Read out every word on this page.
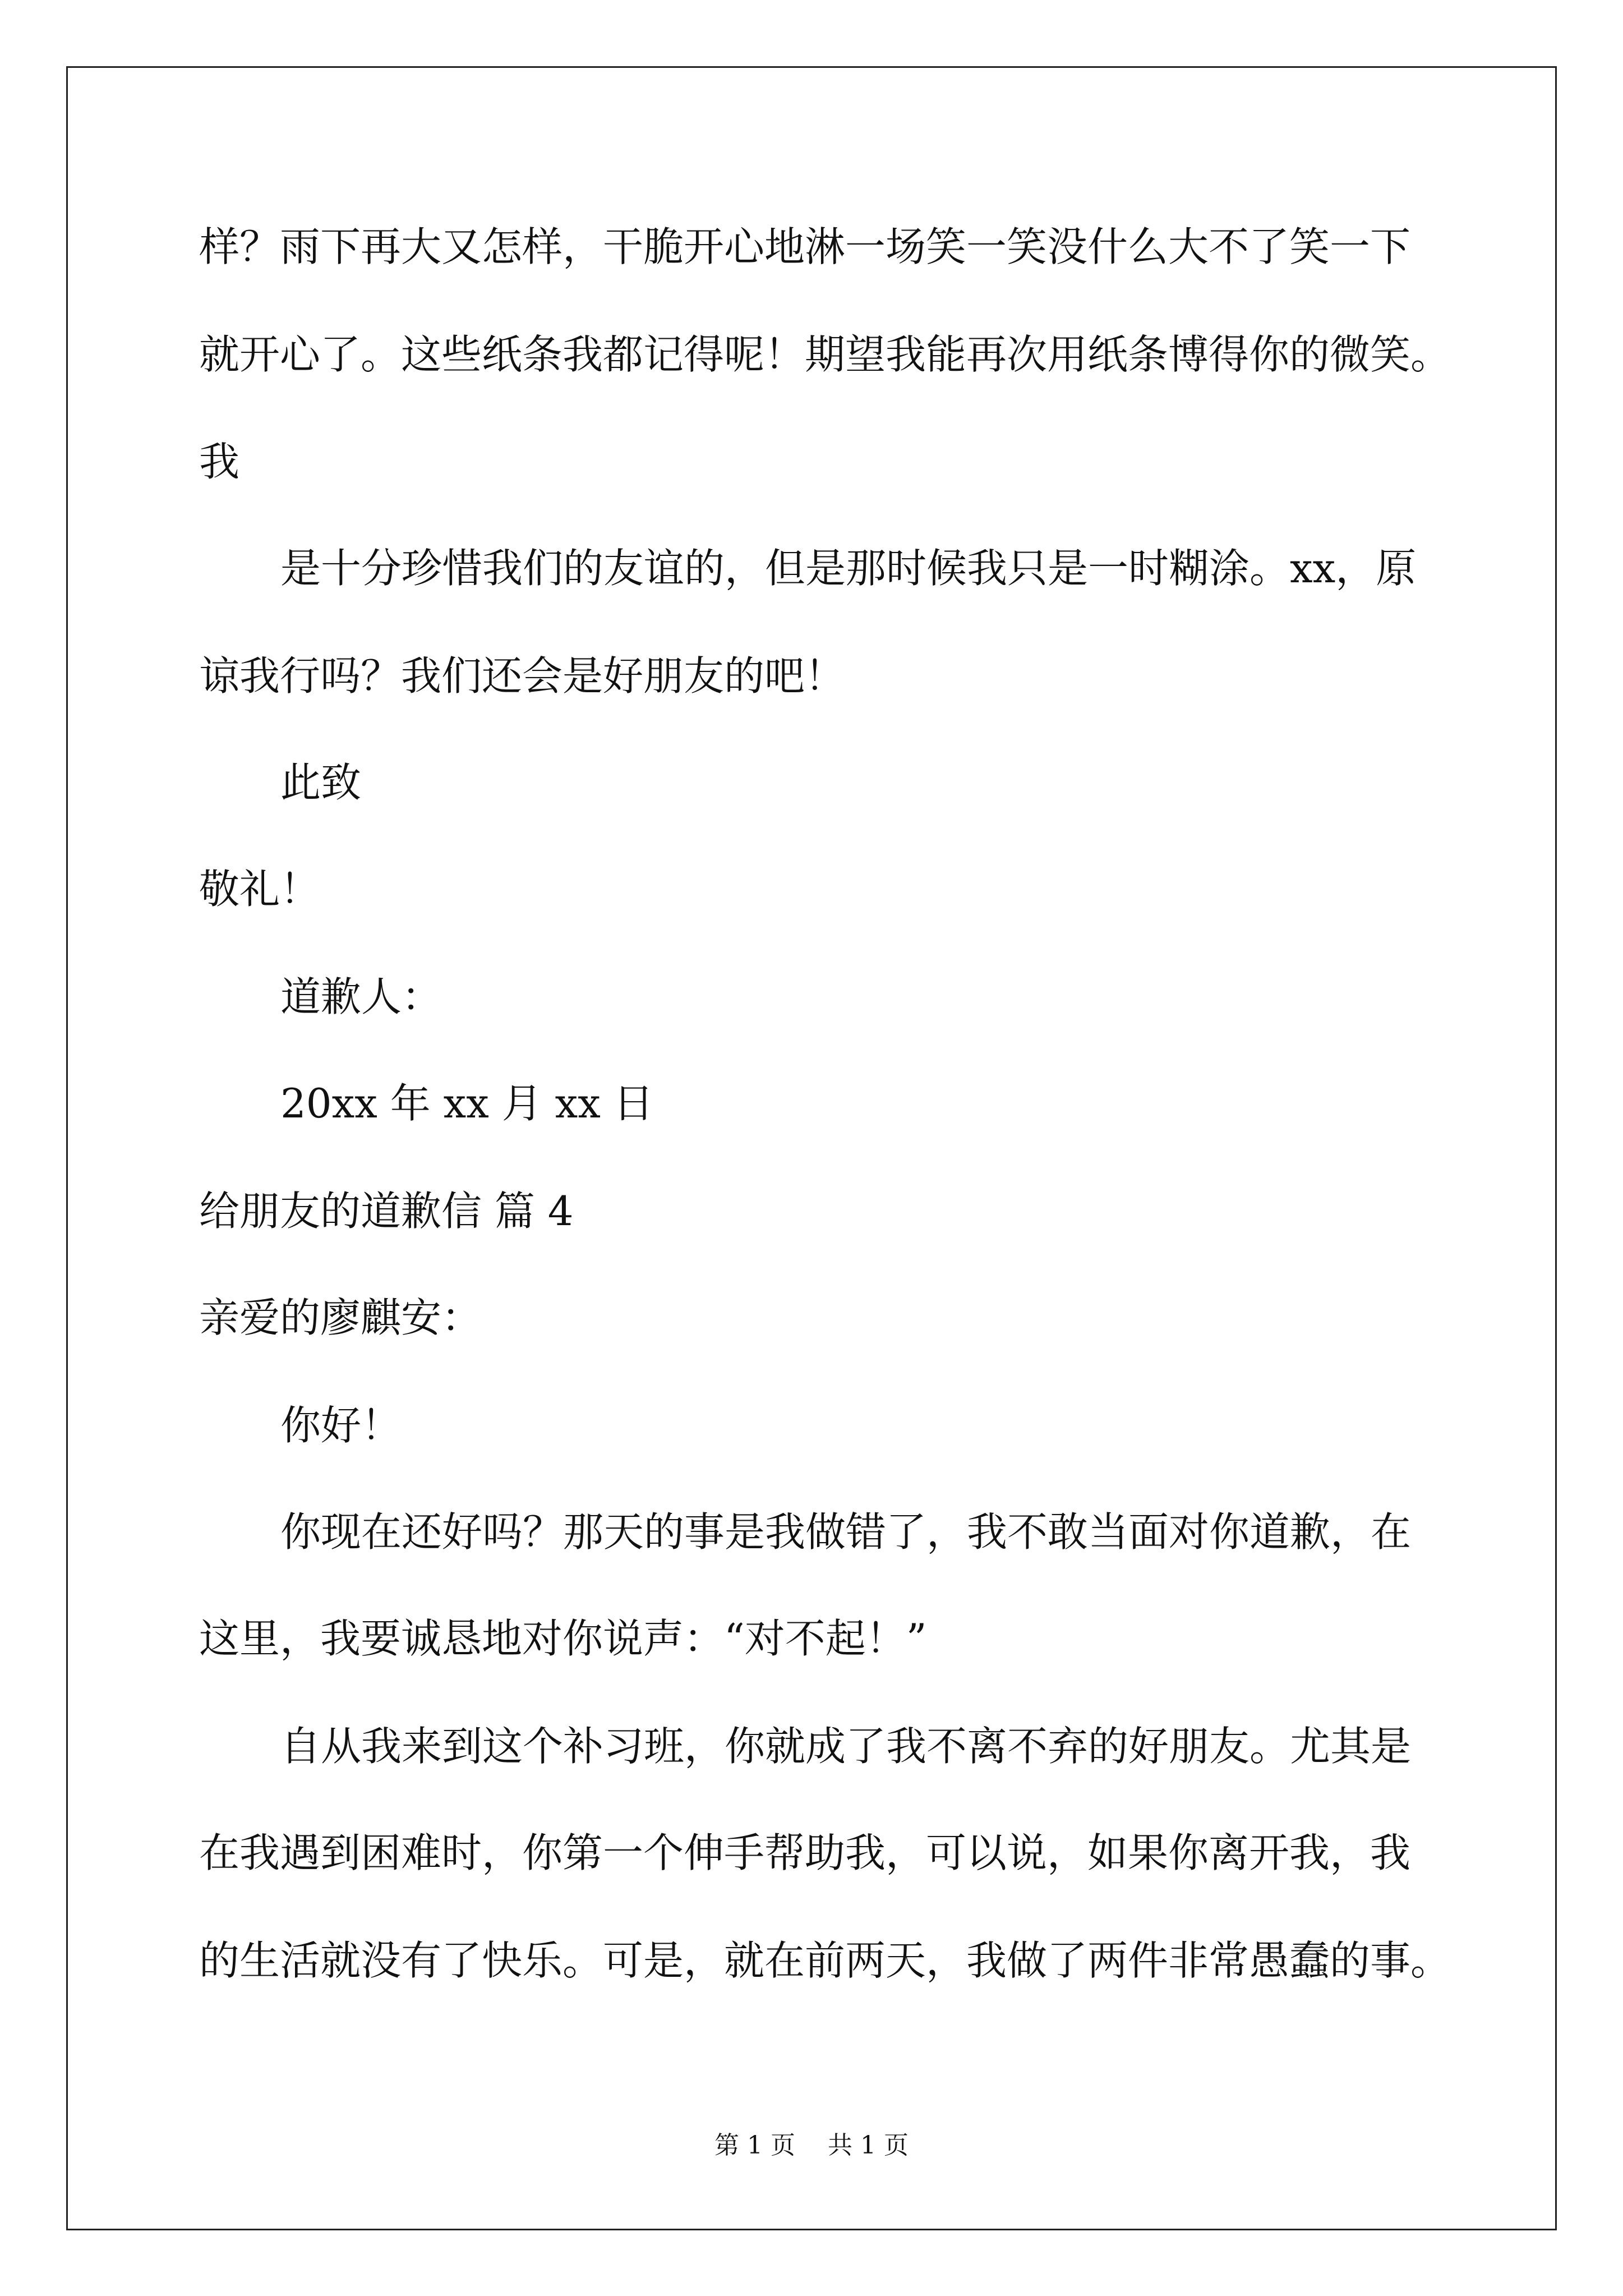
样？雨下再大又怎样，干脆开心地淋一场笑一笑没什么大不了笑一下
就开心了。这些纸条我都记得呢！期望我能再次用纸条博得你的微笑。
我
是十分珍惜我们的友谊的，但是那时候我只是一时糊涂。xx，原
谅我行吗？我们还会是好朋友的吧！
此致
敬礼！
道歉人：
20xx 年 xx 月 xx 日
给朋友的道歉信 篇 4
亲爱的廖麒安：
你好！
你现在还好吗？那天的事是我做错了，我不敢当面对你道歉，在
这里，我要诚恳地对你说声：“对不起！”
自从我来到这个补习班，你就成了我不离不弃的好朋友。尤其是
在我遇到困难时，你第一个伸手帮助我，可以说，如果你离开我，我
的生活就没有了快乐。可是，就在前两天，我做了两件非常愚蠢的事。
第 1 页 共 1 页
